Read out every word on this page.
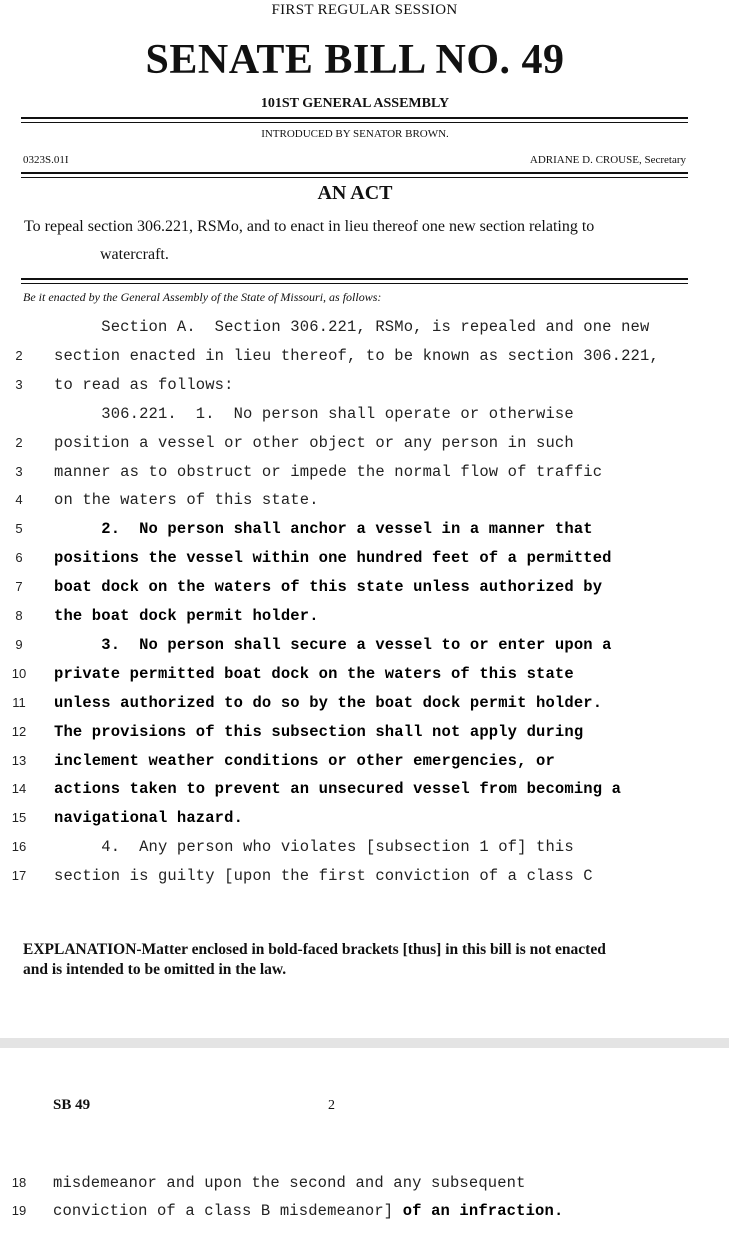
FIRST REGULAR SESSION
SENATE BILL NO. 49
101ST GENERAL ASSEMBLY
INTRODUCED BY SENATOR BROWN.
0323S.01I	ADRIANE D. CROUSE, Secretary
AN ACT
To repeal section 306.221, RSMo, and to enact in lieu thereof one new section relating to
watercraft.
Be it enacted by the General Assembly of the State of Missouri, as follows:
Section A.  Section 306.221, RSMo, is repealed and one new
2	section enacted in lieu thereof, to be known as section 306.221,
3	to read as follows:
306.221.  1.  No person shall operate or otherwise
2	position a vessel or other object or any person in such
3	manner as to obstruct or impede the normal flow of traffic
4	on the waters of this state.
5	2.  No person shall anchor a vessel in a manner that
6	positions the vessel within one hundred feet of a permitted
7	boat dock on the waters of this state unless authorized by
8	the boat dock permit holder.
9	3.  No person shall secure a vessel to or enter upon a
10 private permitted boat dock on the waters of this state
11 unless authorized to do so by the boat dock permit holder.
12 The provisions of this subsection shall not apply during
13 inclement weather conditions or other emergencies, or
14 actions taken to prevent an unsecured vessel from becoming a
15 navigational hazard.
16 4.  Any person who violates [subsection 1 of] this
17 section is guilty [upon the first conviction of a class C
EXPLANATION-Matter enclosed in bold-faced brackets [thus] in this bill is not enacted
and is intended to be omitted in the law.
SB 49	2
18 misdemeanor and upon the second and any subsequent
19 conviction of a class B misdemeanor] of an infraction.
